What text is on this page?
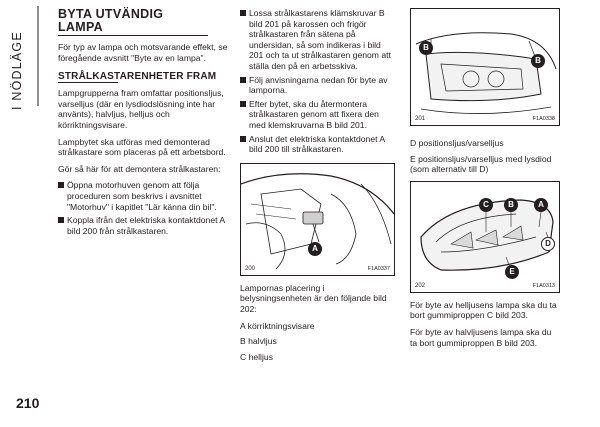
I NÖDLÄGE
BYTA UTVÄNDIG LAMPA
För typ av lampa och motsvarande effekt, se föregående avsnitt "Byte av en lampa".
STRÅLKASTARENHETER FRAM
Lampgrupperna fram omfattar positionsljus, varselljus (där en lysdiodslösning inte har använts), halvljus, helljus och körriktningsvisare.
Lampbytet ska utföras med demonterad strålkastare som placeras på ett arbetsbord.
Gör så här för att demontera strålkastaren:
Öppna motorhuven genom att följa proceduren som beskrivs i avsnittet "Motorhuv" i kapitlet "Lär känna din bil".
Koppla ifrån det elektriska kontaktdonet A bild 200 från strålkastaren.
Lossa strålkastarens klämskruvar B bild 201 på karossen och frigör strålkastaren från sätena på undersidan, så som indikeras i bild 201 och ta ut strålkastaren genom att ställa den på en arbetsskiva.
Följ anvisningarna nedan för byte av lamporna.
Efter bytet, ska du återmontera strålkastaren genom att fixera den med klemskruvarna B bild 201.
Anslut det elektriska kontaktdonet A bild 200 till strålkastaren.
A
200	F1A0337
Lampornas placering i belysningsenheten är den följande bild 202:
A körriktningsvisare
B halvljus
C helljus
B
B
201	F1A0338
D positionsljus/varselljus
E positionsljus/varselljus med lysdiod (som alternativ till D)
C	B	A
D
E
202	F1A0313
För byte av helljusens lampa ska du ta bort gummiproppen C bild 203.
För byte av halvljusens lampa ska du ta bort gummiproppen B bild 203.
210
